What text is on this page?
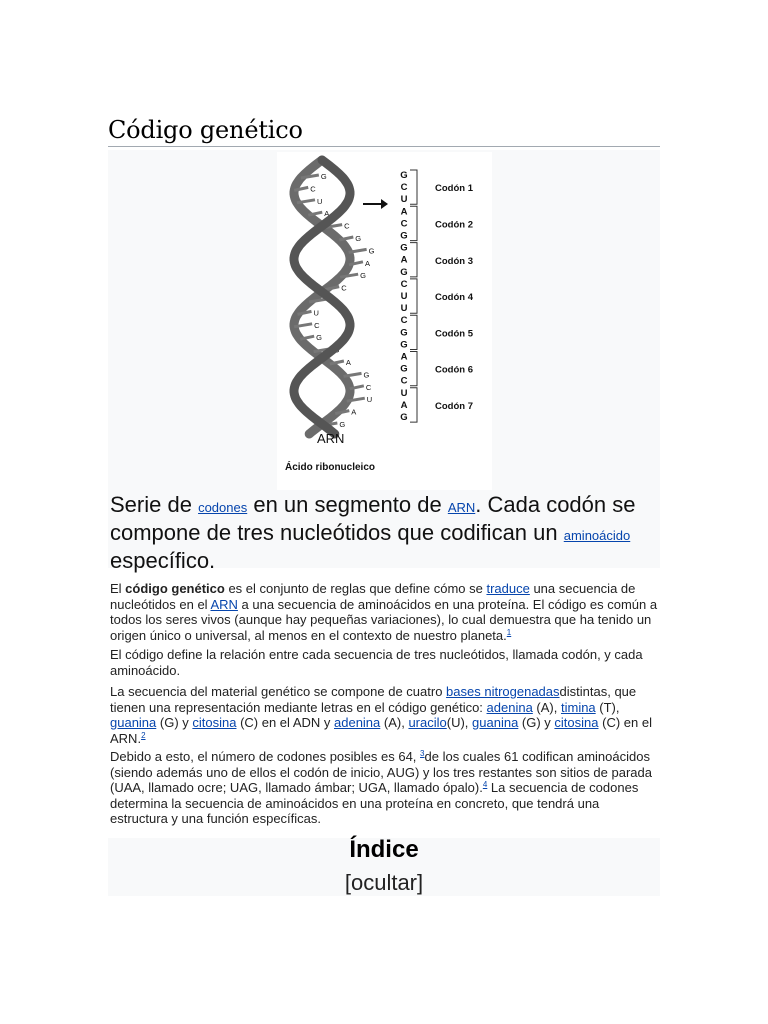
Código genético
G
C
U
A
C
G
G
A
G
C
U
U
C
G
G
A
G
C
U
A
G
G
C
U
A
C
G
G
A
G
C
U
U
C
G
G
A
G
C
U
A
G
Codón 1
Codón 2
Codón 3
Codón 4
Codón 5
Codón 6
Codón 7
ARN
Ácido ribonucleico
Serie de codones en un segmento de ARN. Cada codón se compone de tres nucleótidos que codifican un aminoácido específico.

El código genético es el conjunto de reglas que define cómo se traduce una secuencia de nucleótidos en el ARN a una secuencia de aminoácidos en una proteína. El código es común a todos los seres vivos (aunque hay pequeñas variaciones), lo cual demuestra que ha tenido un origen único o universal, al menos en el contexto de nuestro planeta.$^1$

El código define la relación entre cada secuencia de tres nucleótidos, llamada codón, y cada aminoácido.

La secuencia del material genético se compone de cuatro bases nitrogenadasdistintas, que tienen una representación mediante letras en el código genético: adenina (A), timina (T), guanina (G) y citosina (C) en el ADN y adenina (A), uracilo(U), guanina (G) y citosina (C) en el ARN.$^2$

Debido a esto, el número de codones posibles es 64, $^3$de los cuales 61 codifican aminoácidos (siendo además uno de ellos el codón de inicio, AUG) y los tres restantes son sitios de parada (UAA, llamado ocre; UAG, llamado ámbar; UGA, llamado ópalo).$^4$ La secuencia de codones determina la secuencia de aminoácidos en una proteína en concreto, que tendrá una estructura y una función específicas.

Índice
[ocultar]
